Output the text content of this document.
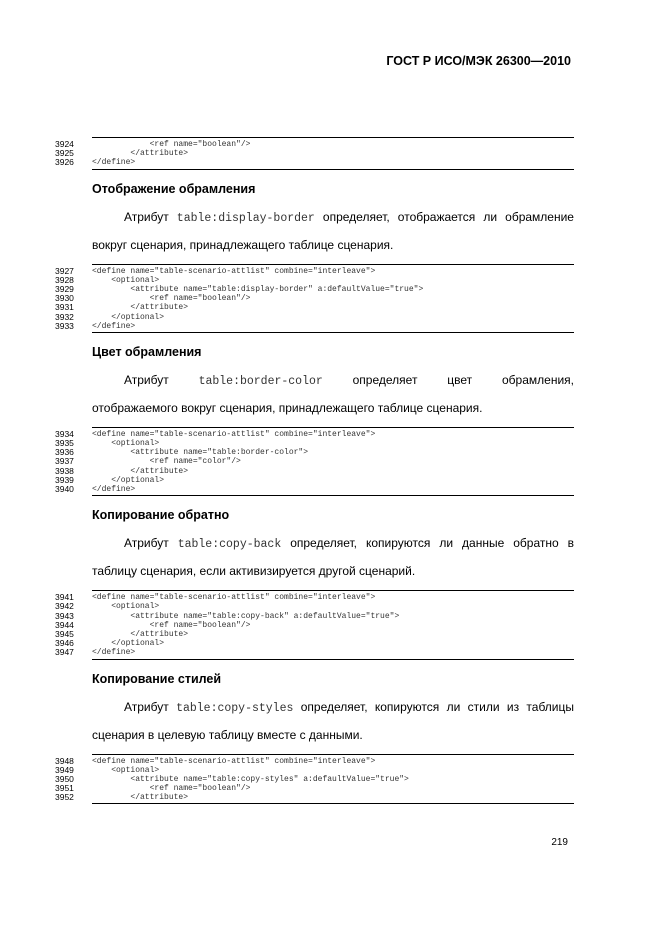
ГОСТ Р ИСО/МЭК 26300—2010
3924	<ref name="boolean"/>
3925	</attribute>
3926	</define>
Отображение обрамления
Атрибут table:display-border определяет, отображается ли обрамление
вокруг сценария, принадлежащего таблице сценария.
3927	<define name="table-scenario-attlist" combine="interleave">
3928	<optional>
3929	<attribute name="table:display-border" a:defaultValue="true">
3930	<ref name="boolean"/>
3931	</attribute>
3932	</optional>
3933	</define>
Цвет обрамления
Атрибут table:border-color определяет цвет обрамления,
отображаемого вокруг сценария, принадлежащего таблице сценария.
3934	<define name="table-scenario-attlist" combine="interleave">
3935	<optional>
3936	<attribute name="table:border-color">
3937	<ref name="color"/>
3938	</attribute>
3939	</optional>
3940	</define>
Копирование обратно
Атрибут table:copy-back определяет, копируются ли данные обратно в
таблицу сценария, если активизируется другой сценарий.
3941	<define name="table-scenario-attlist" combine="interleave">
3942	<optional>
3943	<attribute name="table:copy-back" a:defaultValue="true">
3944	<ref name="boolean"/>
3945	</attribute>
3946	</optional>
3947	</define>
Копирование стилей
Атрибут table:copy-styles определяет, копируются ли стили из таблицы
сценария в целевую таблицу вместе с данными.
3948	<define name="table-scenario-attlist" combine="interleave">
3949	<optional>
3950	<attribute name="table:copy-styles" a:defaultValue="true">
3951	<ref name="boolean"/>
3952	</attribute>
219
